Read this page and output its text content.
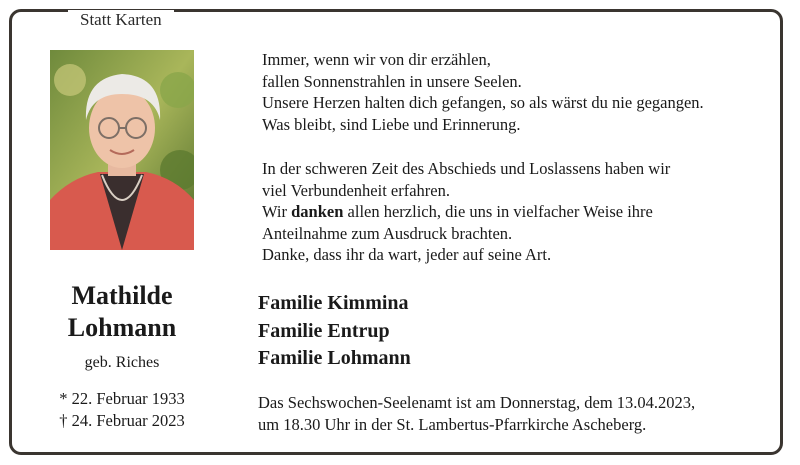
Statt Karten
Mathilde
Lohmann
geb. Riches
* 22. Februar 1933
† 24. Februar 2023
Immer, wenn wir von dir erzählen,
fallen Sonnenstrahlen in unsere Seelen.
Unsere Herzen halten dich gefangen, so als wärst du nie gegangen.
Was bleibt, sind Liebe und Erinnerung.
In der schweren Zeit des Abschieds und Loslassens haben wir
viel Verbundenheit erfahren.
Wir danken allen herzlich, die uns in vielfacher Weise ihre
Anteilnahme zum Ausdruck brachten.
Danke, dass ihr da wart, jeder auf seine Art.
Familie Kimmina
Familie Entrup
Familie Lohmann
Das Sechswochen-Seelenamt ist am Donnerstag, dem 13.04.2023,
um 18.30 Uhr in der St. Lambertus-Pfarrkirche Ascheberg.
